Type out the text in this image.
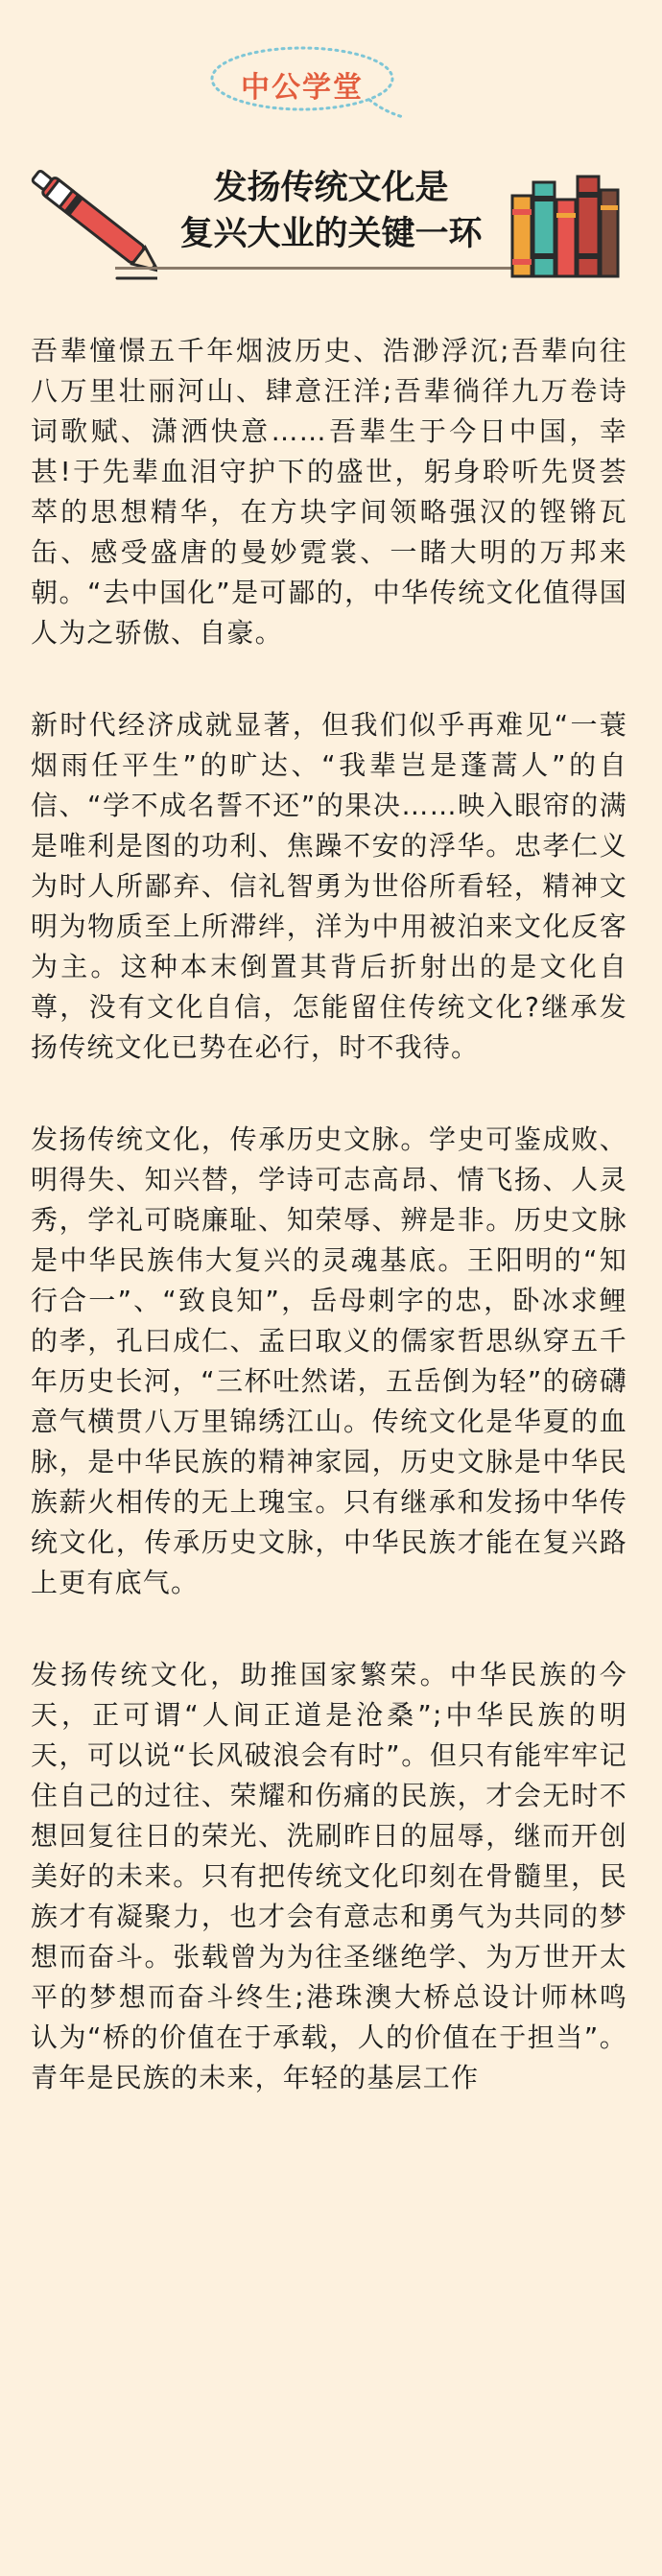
中公学堂
发扬传统文化是
复兴大业的关键一环

吾辈憧憬五千年烟波历史、浩渺浮沉;吾辈向往八万里壮丽河山、肆意汪洋;吾辈徜徉九万卷诗词歌赋、潇洒快意……吾辈生于今日中国，幸甚!于先辈血泪守护下的盛世，躬身聆听先贤荟萃的思想精华，在方块字间领略强汉的铿锵瓦缶、感受盛唐的曼妙霓裳、一睹大明的万邦来朝。“去中国化”是可鄙的，中华传统文化值得国人为之骄傲、自豪。

新时代经济成就显著，但我们似乎再难见“一蓑烟雨任平生”的旷达、“我辈岂是蓬蒿人”的自信、“学不成名誓不还”的果决……映入眼帘的满是唯利是图的功利、焦躁不安的浮华。忠孝仁义为时人所鄙弃、信礼智勇为世俗所看轻，精神文明为物质至上所滞绊，洋为中用被泊来文化反客为主。这种本末倒置其背后折射出的是文化自尊，没有文化自信，怎能留住传统文化?继承发扬传统文化已势在必行，时不我待。

发扬传统文化，传承历史文脉。学史可鉴成败、明得失、知兴替，学诗可志高昂、情飞扬、人灵秀，学礼可晓廉耻、知荣辱、辨是非。历史文脉是中华民族伟大复兴的灵魂基底。王阳明的“知行合一”、“致良知”，岳母刺字的忠，卧冰求鲤的孝，孔曰成仁、孟曰取义的儒家哲思纵穿五千年历史长河，“三杯吐然诺，五岳倒为轻”的磅礴意气横贯八万里锦绣江山。传统文化是华夏的血脉，是中华民族的精神家园，历史文脉是中华民族薪火相传的无上瑰宝。只有继承和发扬中华传统文化，传承历史文脉，中华民族才能在复兴路上更有底气。

发扬传统文化，助推国家繁荣。中华民族的今天，正可谓“人间正道是沧桑”;中华民族的明天，可以说“长风破浪会有时”。但只有能牢牢记住自己的过往、荣耀和伤痛的民族，才会无时不想回复往日的荣光、洗刷昨日的屈辱，继而开创美好的未来。只有把传统文化印刻在骨髓里，民族才有凝聚力，也才会有意志和勇气为共同的梦想而奋斗。张载曾为为往圣继绝学、为万世开太平的梦想而奋斗终生;港珠澳大桥总设计师林鸣认为“桥的价值在于承载，人的价值在于担当”。青年是民族的未来，年轻的基层工作
